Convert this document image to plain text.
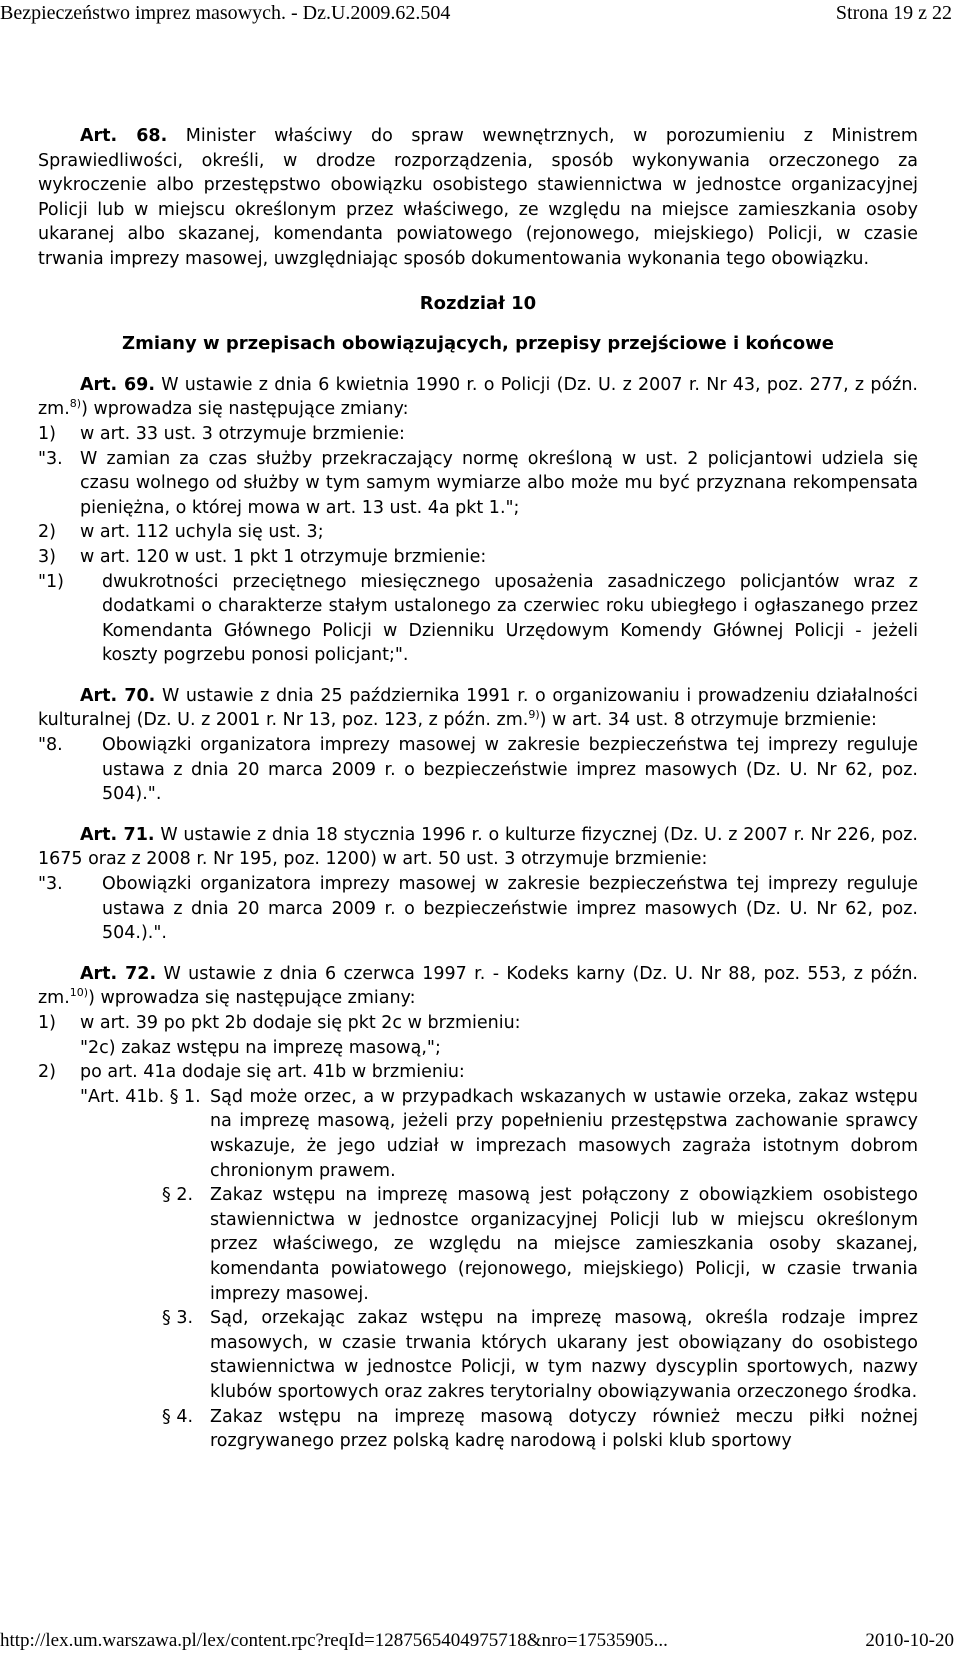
Bezpieczeństwo imprez masowych. - Dz.U.2009.62.504	Strona 19 z 22

Art. 68. Minister właściwy do spraw wewnętrznych, w porozumieniu z Ministrem Sprawiedliwości, określi, w drodze rozporządzenia, sposób wykonywania orzeczonego za wykroczenie albo przestępstwo obowiązku osobistego stawiennictwa w jednostce organizacyjnej Policji lub w miejscu określonym przez właściwego, ze względu na miejsce zamieszkania osoby ukaranej albo skazanej, komendanta powiatowego (rejonowego, miejskiego) Policji, w czasie trwania imprezy masowej, uwzględniając sposób dokumentowania wykonania tego obowiązku.

Rozdział 10

Zmiany w przepisach obowiązujących, przepisy przejściowe i końcowe

Art. 69. W ustawie z dnia 6 kwietnia 1990 r. o Policji (Dz. U. z 2007 r. Nr 43, poz. 277, z późn. zm.$^{8)}$) wprowadza się następujące zmiany:

1)	w art. 33 ust. 3 otrzymuje brzmienie:
"3. W zamian za czas służby przekraczający normę określoną w ust. 2 policjantowi udziela się czasu wolnego od służby w tym samym wymiarze albo może mu być przyznana rekompensata pieniężna, o której mowa w art. 13 ust. 4a pkt 1.";
2)	w art. 112 uchyla się ust. 3;
3)	w art. 120 w ust. 1 pkt 1 otrzymuje brzmienie:
"1)	dwukrotności przeciętnego miesięcznego uposażenia zasadniczego policjantów wraz z dodatkami o charakterze stałym ustalonego za czerwiec roku ubiegłego i ogłaszanego przez Komendanta Głównego Policji w Dzienniku Urzędowym Komendy Głównej Policji - jeżeli koszty pogrzebu ponosi policjant;".

Art. 70. W ustawie z dnia 25 października 1991 r. o organizowaniu i prowadzeniu działalności kulturalnej (Dz. U. z 2001 r. Nr 13, poz. 123, z późn. zm.$^{9)}$) w art. 34 ust. 8 otrzymuje brzmienie:

"8.	Obowiązki organizatora imprezy masowej w zakresie bezpieczeństwa tej imprezy reguluje ustawa z dnia 20 marca 2009 r. o bezpieczeństwie imprez masowych (Dz. U. Nr 62, poz. 504).".

Art. 71. W ustawie z dnia 18 stycznia 1996 r. o kulturze fizycznej (Dz. U. z 2007 r. Nr 226, poz. 1675 oraz z 2008 r. Nr 195, poz. 1200) w art. 50 ust. 3 otrzymuje brzmienie:

"3.	Obowiązki organizatora imprezy masowej w zakresie bezpieczeństwa tej imprezy reguluje ustawa z dnia 20 marca 2009 r. o bezpieczeństwie imprez masowych (Dz. U. Nr 62, poz. 504.).".

Art. 72. W ustawie z dnia 6 czerwca 1997 r. - Kodeks karny (Dz. U. Nr 88, poz. 553, z późn. zm.$^{10)}$) wprowadza się następujące zmiany:

1)	w art. 39 po pkt 2b dodaje się pkt 2c w brzmieniu:

"2c) zakaz wstępu na imprezę masową,";

2)	po art. 41a dodaje się art. 41b w brzmieniu:
"Art. 41b. § 1. Sąd może orzec, a w przypadkach wskazanych w ustawie orzeka, zakaz wstępu na imprezę masową, jeżeli przy popełnieniu przestępstwa zachowanie sprawcy wskazuje, że jego udział w imprezach masowych zagraża istotnym dobrom chronionym prawem.
§ 2. Zakaz wstępu na imprezę masową jest połączony z obowiązkiem osobistego stawiennictwa w jednostce organizacyjnej Policji lub w miejscu określonym przez właściwego, ze względu na miejsce zamieszkania osoby skazanej, komendanta powiatowego (rejonowego, miejskiego) Policji, w czasie trwania imprezy masowej.
§ 3. Sąd, orzekając zakaz wstępu na imprezę masową, określa rodzaje imprez masowych, w czasie trwania których ukarany jest obowiązany do osobistego stawiennictwa w jednostce Policji, w tym nazwy dyscyplin sportowych, nazwy klubów sportowych oraz zakres terytorialny obowiązywania orzeczonego środka.
§ 4. Zakaz wstępu na imprezę masową dotyczy również meczu piłki nożnej rozgrywanego przez polską kadrę narodową i polski klub sportowy
http://lex.um.warszawa.pl/lex/content.rpc?reqId=1287565404975718&nro=17535905...	2010-10-20
